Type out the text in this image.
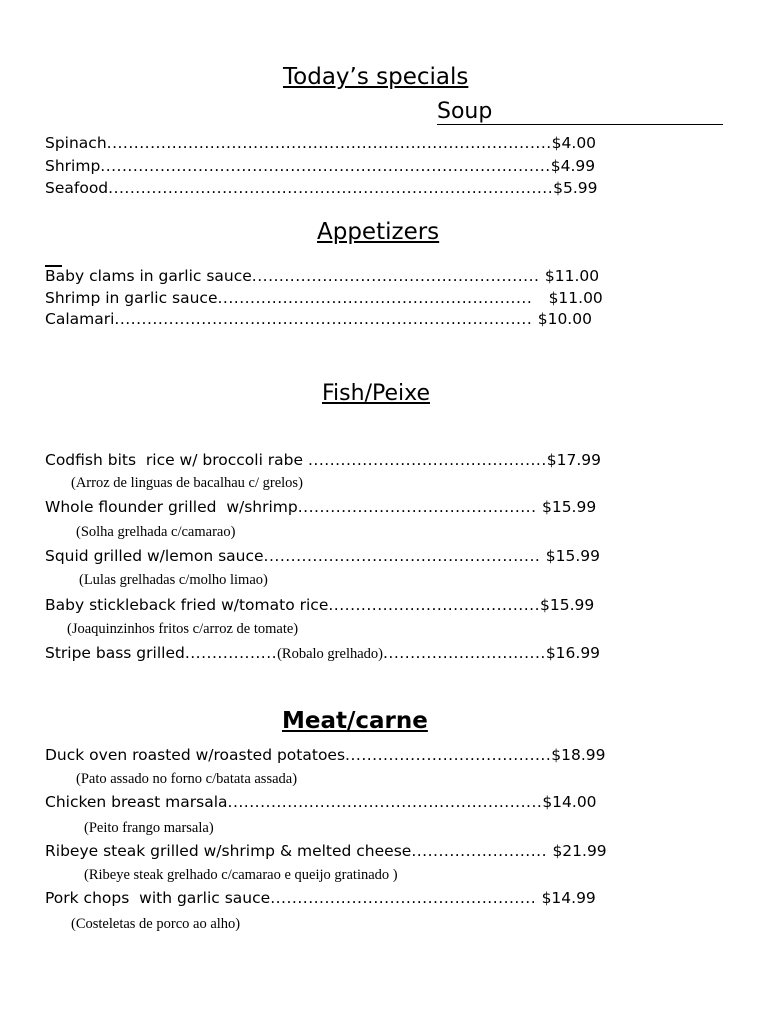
Today’s specials
Soup
Spinach..................................................................................$4.00
Shrimp...................................................................................$4.99
Seafood..................................................................................$5.99
Appetizers
Baby clams in garlic sauce..................................................... $11.00
Shrimp in garlic sauce..........................................................   $11.00
Calamari............................................................................. $10.00
Fish/Peixe
Codfish bits  rice w/ broccoli rabe ............................................$17.99
(Arroz de linguas de bacalhau c/ grelos)
Whole flounder grilled  w/shrimp............................................ $15.99
(Solha grelhada c/camarao)
Squid grilled w/lemon sauce................................................... $15.99
(Lulas grelhadas c/molho limao)
Baby stickleback fried w/tomato rice.......................................$15.99
(Joaquinzinhos fritos c/arroz de tomate)
Stripe bass grilled.................(Robalo grelhado)..............................$16.99
Meat/carne
Duck oven roasted w/roasted potatoes......................................$18.99
(Pato assado no forno c/batata assada)
Chicken breast marsala..........................................................$14.00
(Peito frango marsala)
Ribeye steak grilled w/shrimp & melted cheese......................... $21.99
(Ribeye steak grelhado c/camarao e queijo gratinado )
Pork chops  with garlic sauce................................................. $14.99
(Costeletas de porco ao alho)
